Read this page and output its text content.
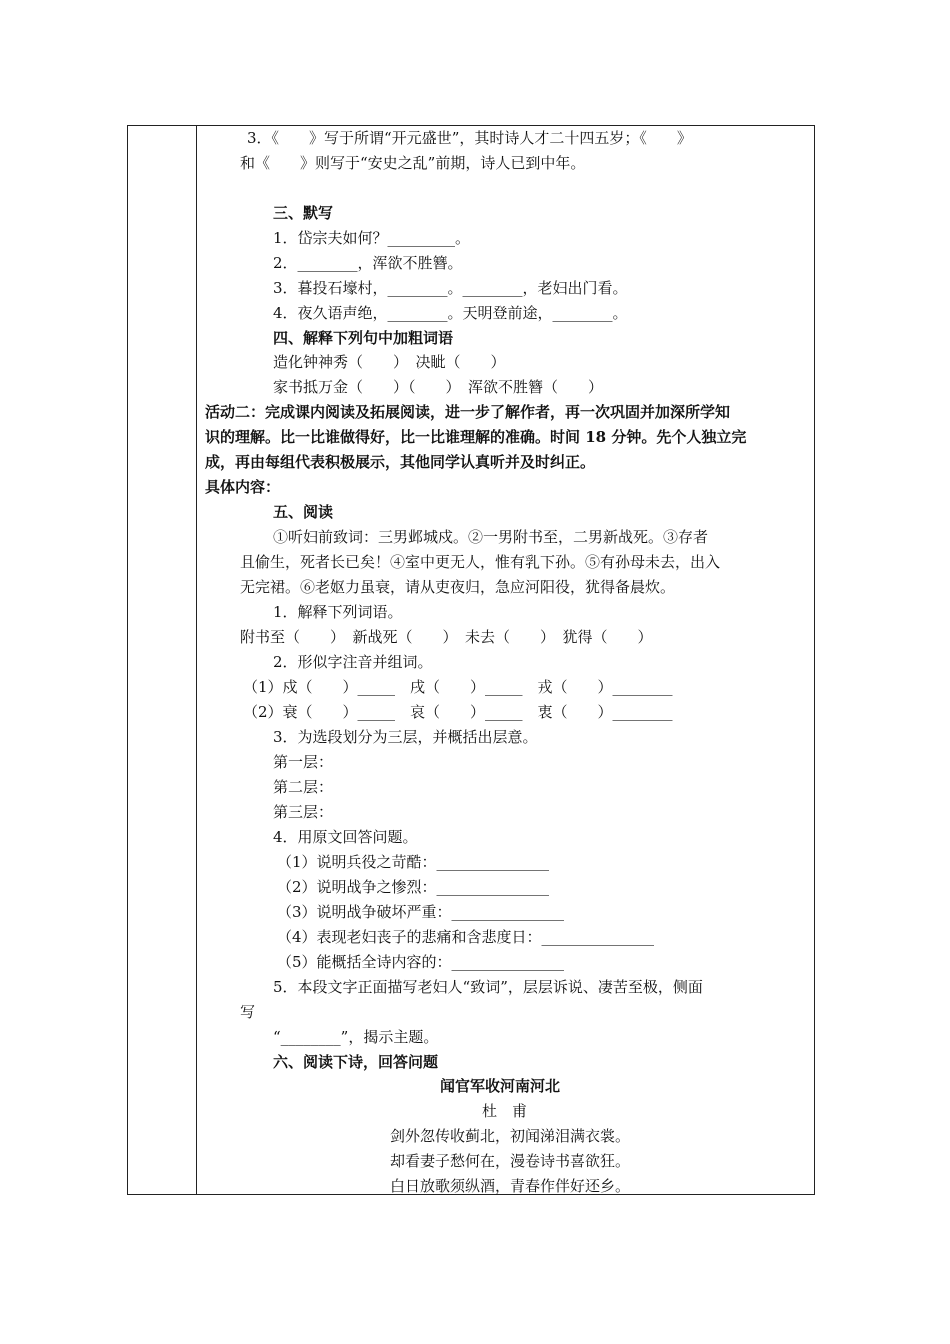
3．《　　》写于所谓“开元盛世”，其时诗人才二十四五岁；《　　》
和《　　》则写于“安史之乱”前期，诗人已到中年。
三、默写
1．岱宗夫如何？_________。
2．________，浑欲不胜簪。
3．暮投石壕村，________。________，老妇出门看。
4．夜久语声绝，________。天明登前途，________。
四、解释下列句中加粗词语
造化钟神秀（　　）　决眦（　　）
家书抵万金（　　）（　　）　浑欲不胜簪（　　）
活动二：完成课内阅读及拓展阅读，进一步了解作者，再一次巩固并加深所学知
识的理解。比一比谁做得好，比一比谁理解的准确。时间 18 分钟。先个人独立完
成，再由每组代表积极展示，其他同学认真听并及时纠正。
具体内容：
五、阅读
①听妇前致词：三男邺城戍。②一男附书至，二男新战死。③存者
且偷生，死者长已矣！④室中更无人，惟有乳下孙。⑤有孙母未去，出入
无完裙。⑥老妪力虽衰，请从吏夜归，急应河阳役，犹得备晨炊。
1．解释下列词语。
附书至（　　）　新战死（　　）　未去（　　）　犹得（　　）
2．形似字注音并组词。
（1）戍（　　）_____　戌（　　）_____　戎（　　）________
（2）衰（　　）_____　哀（　　）_____　衷（　　）________
3．为选段划分为三层，并概括出层意。
第一层：
第二层：
第三层：
4．用原文回答问题。
（1）说明兵役之苛酷：_______________
（2）说明战争之惨烈：_______________
（3）说明战争破坏严重：_______________
（4）表现老妇丧子的悲痛和含悲度日：_______________
（5）能概括全诗内容的：_______________
5．本段文字正面描写老妇人“致词”，层层诉说、凄苦至极，侧面
写
“________”，揭示主题。
六、阅读下诗，回答问题
闻官军收河南河北
杜　甫
剑外忽传收蓟北，初闻涕泪满衣裳。
却看妻子愁何在，漫卷诗书喜欲狂。
白日放歌须纵酒，青春作伴好还乡。
